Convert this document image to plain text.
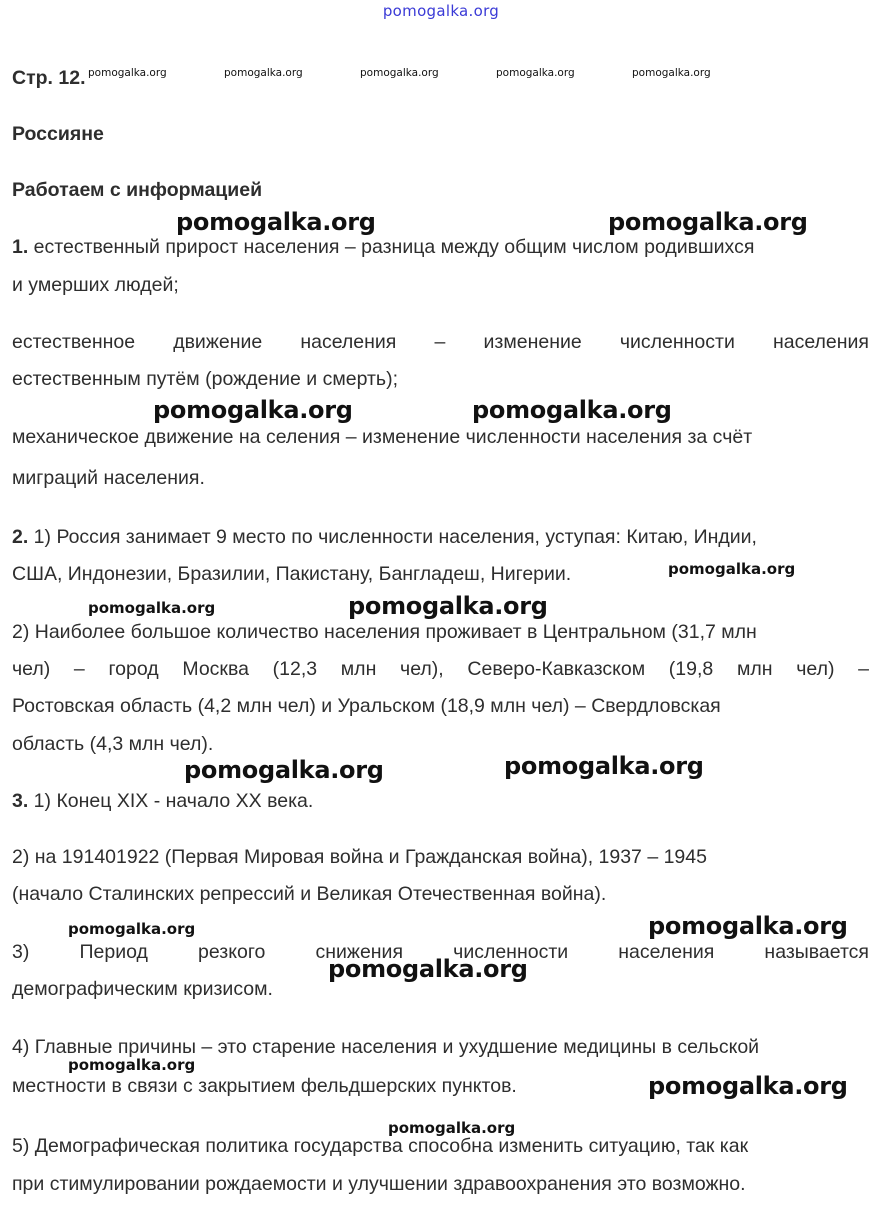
pomogalka.org
Стр. 12.
Россияне
Работаем с информацией
1. естественный прирост населения – разница между общим числом родившихся
и умерших людей;
естественное движение населения – изменение численности населения
естественным путём (рождение и смерть);
механическое движение на селения – изменение численности населения за счёт
миграций населения.
2. 1) Россия занимает 9 место по численности населения, уступая: Китаю, Индии,
США, Индонезии, Бразилии, Пакистану, Бангладеш, Нигерии.
2) Наиболее большое количество населения проживает в Центральном (31,7 млн
чел) – город Москва (12,3 млн чел), Северо-Кавказском (19,8 млн чел) –
Ростовская область (4,2 млн чел) и Уральском (18,9 млн чел) – Свердловская
область (4,3 млн чел).
3. 1) Конец XIX - начало XX века.
2) на 191401922 (Первая Мировая война и Гражданская война), 1937 – 1945
(начало Сталинских репрессий и Великая Отечественная война).
3) Период резкого снижения численности населения называется
демографическим кризисом.
4) Главные причины – это старение населения и ухудшение медицины в сельской
местности в связи с закрытием фельдшерских пунктов.
5) Демографическая политика государства способна изменить ситуацию, так как
при стимулировании рождаемости и улучшении здравоохранения это возможно.
pomogalka.org	pomogalka.org	pomogalka.org	pomogalka.org	pomogalka.org
pomogalka.org	pomogalka.org
pomogalka.org	pomogalka.org
pomogalka.org
pomogalka.org	pomogalka.org
pomogalka.org	pomogalka.org
pomogalka.org	pomogalka.org
pomogalka.org
pomogalka.org
pomogalka.org
pomogalka.org
